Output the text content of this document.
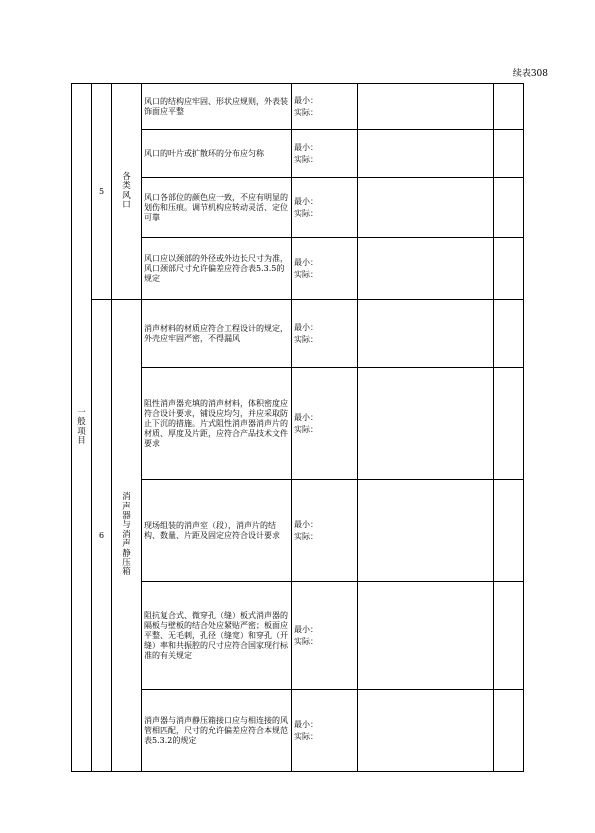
续表308
一般项目	5	各类风口	风口的结构应牢固、形状应规则，外表装饰面应平整	最小：
实际：		

			风口的叶片或扩散环的分布应匀称	最小：
实际：		

			风口各部位的颜色应一致，不应有明显的划伤和压痕。调节机构应转动灵活、定位可靠	最小：
实际：		

			风口应以颈部的外径或外边长尺寸为准，风口颈部尺寸允许偏差应符合表5.3.5的规定	最小：
实际：		

	6	消声器与消声静压箱	消声材料的材质应符合工程设计的规定，外壳应牢固严密，不得漏风	最小：
实际：		

			阻性消声器充填的消声材料，体积密度应符合设计要求，铺设应均匀，并应采取防止下沉的措施。片式阻性消声器消声片的材质、厚度及片距，应符合产品技术文件要求	最小：
实际：		

			现场组装的消声室（段），消声片的结构、数量、片距及固定应符合设计要求	最小：
实际：		

			阻抗复合式、微穿孔（缝）板式消声器的隔板与壁板的结合处应紧贴严密；板面应平整、无毛刺，孔径（缝宽）和穿孔（开缝）率和共振腔的尺寸应符合国家现行标准的有关规定	最小：
实际：		

			消声器与消声静压箱接口应与相连接的风管相匹配，尺寸的允许偏差应符合本规范表5.3.2的规定	最小：
实际：		
